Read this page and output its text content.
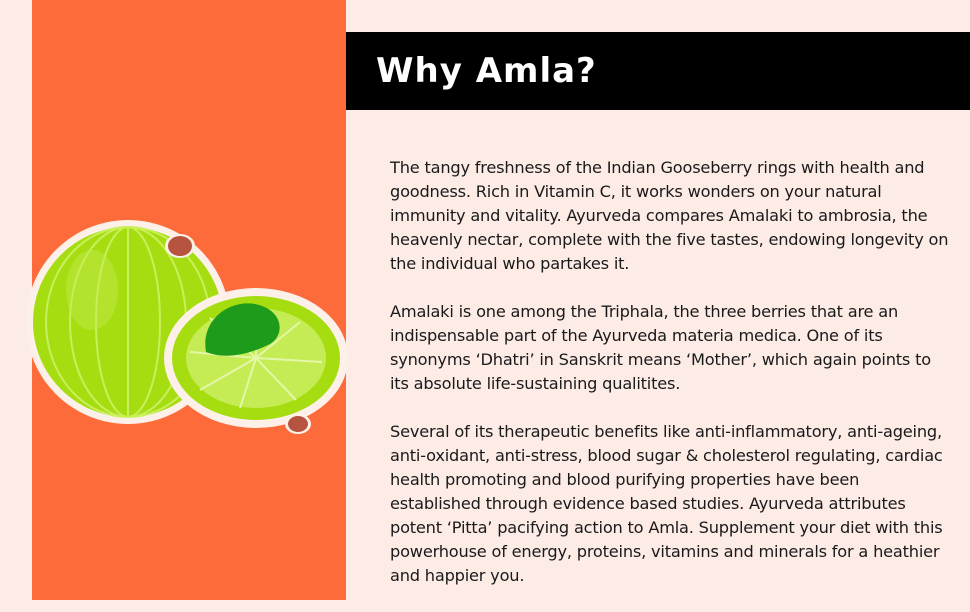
Why Amla?

The tangy freshness of the Indian Gooseberry rings with health and goodness. Rich in Vitamin C, it works wonders on your natural immunity and vitality. Ayurveda compares Amalaki to ambrosia, the heavenly nectar, complete with the five tastes, endowing longevity on the individual who partakes it.

Amalaki is one among the Triphala, the three berries that are an indispensable part of the Ayurveda materia medica. One of its synonyms ‘Dhatri’ in Sanskrit means ‘Mother’, which again points to its absolute life-sustaining qualitites.

Several of its therapeutic benefits like anti-inflammatory, anti-ageing, anti-oxidant, anti-stress, blood sugar & cholesterol regulating, cardiac health promoting and blood purifying properties have been established through evidence based studies. Ayurveda attributes potent ‘Pitta’ pacifying action to Amla. Supplement your diet with this powerhouse of energy, proteins, vitamins and minerals for a heathier and happier you.
